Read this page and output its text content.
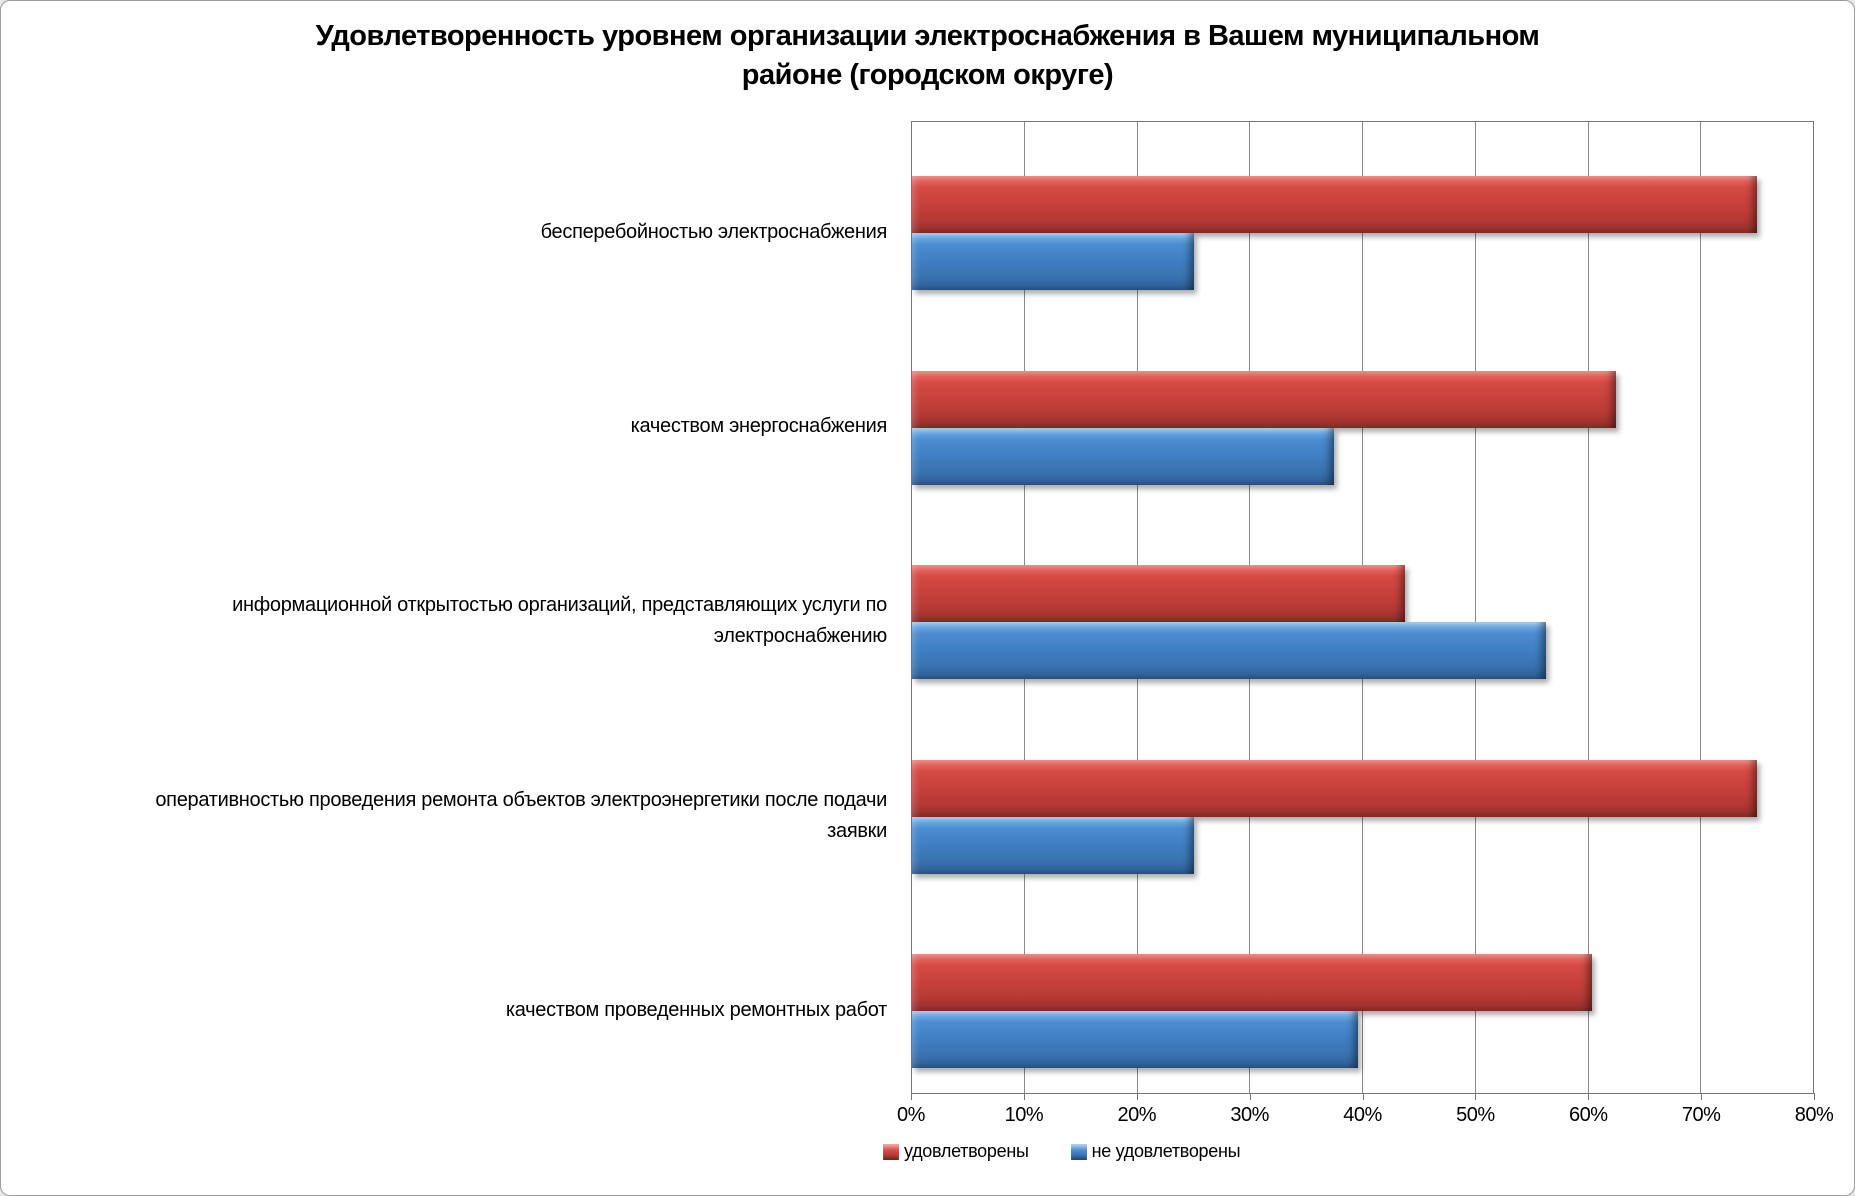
Удовлетворенность уровнем организации электроснабжения в Вашем муниципальном
районе (городском округе)
бесперебойностью электроснабжения
качеством энергоснабжения
информационной открытостью организаций, представляющих услуги по электроснабжению
оперативностью проведения ремонта объектов электроэнергетики после подачи заявки
качеством проведенных ремонтных работ
0%	10%	20%	30%	40%	50%	60%	70%	80%
удовлетворены	не удовлетворены
